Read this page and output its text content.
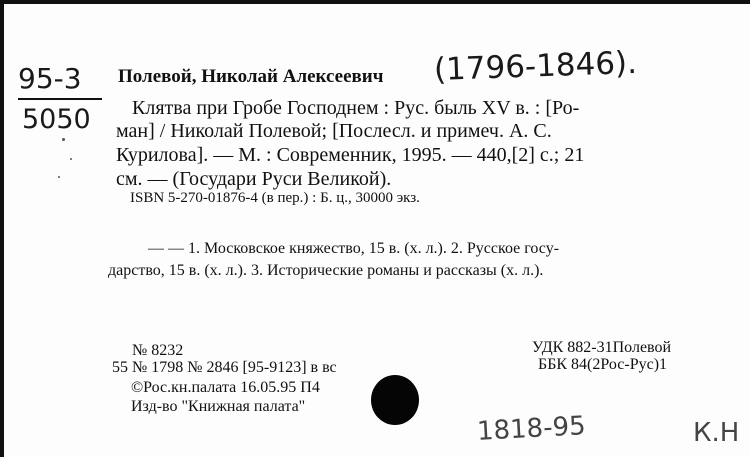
95-3
5050
Полевой, Николай Алексеевич (1796-1846).
Клятва при Гробе Господнем : Рус. быль XV в. : [Ро-
ман] / Николай Полевой; [Послесл. и примеч. А. С.
Курилова]. — М. : Современник, 1995. — 440,[2] с.; 21
см. — (Государи Руси Великой).
ISBN 5-270-01876-4 (в пер.) : Б. ц., 30000 экз.
— — 1. Московское княжество, 15 в. (х. л.). 2. Русское госу-
дарство, 15 в. (х. л.). 3. Исторические романы и рассказы (х. л.).
№ 8232
55 № 1798 № 2846 [95-9123] в вс
©Рос.кн.палата 16.05.95 П4
Изд-во "Книжная палата"
УДК 882-31Полевой
ББК 84(2Рос-Рус)1
1818-95	К.Н
